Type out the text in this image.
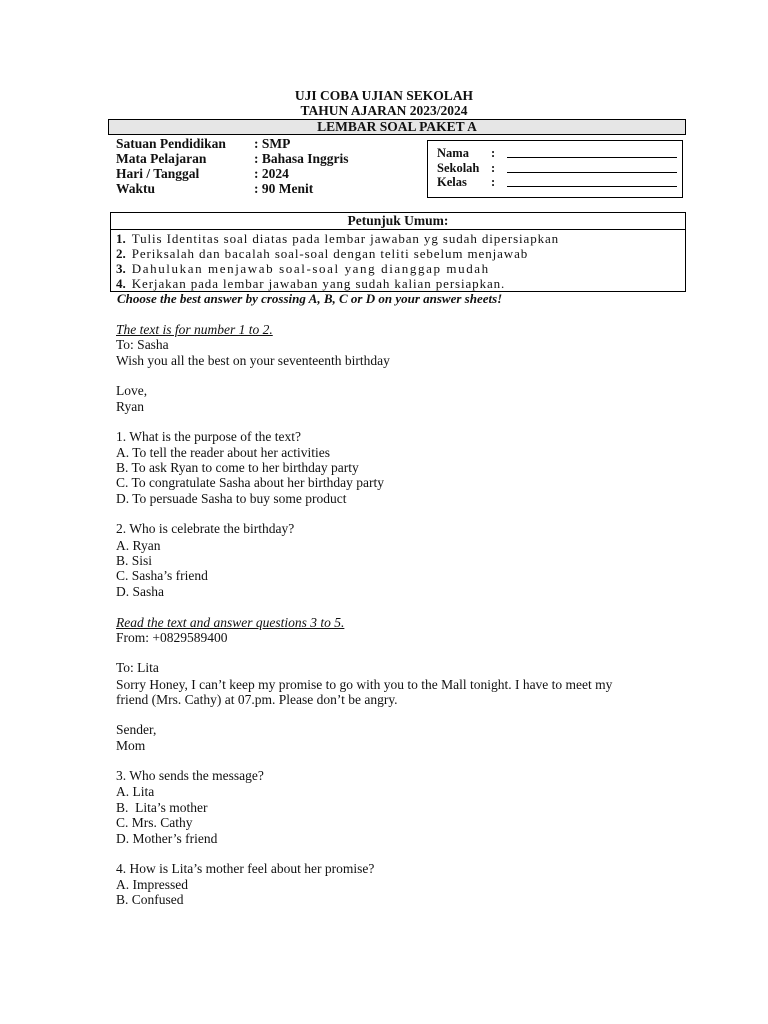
UJI COBA UJIAN SEKOLAH
TAHUN AJARAN 2023/2024
LEMBAR SOAL PAKET A
Satuan Pendidikan : SMP
Mata Pelajaran	: Bahasa Inggris
Hari / Tanggal	: 2024
Waktu	: 90 Menit
Nama :
Sekolah :
Kelas :
Petunjuk Umum:
1. Tulis Identitas soal diatas pada lembar jawaban yg sudah dipersiapkan
2. Periksalah dan bacalah soal-soal dengan teliti sebelum menjawab
3. Dahulukan menjawab soal-soal yang dianggap mudah
4. Kerjakan pada lembar jawaban yang sudah kalian persiapkan.
Choose the best answer by crossing A, B, C or D on your answer sheets!
The text is for number 1 to 2.
To: Sasha
Wish you all the best on your seventeenth birthday
Love,
Ryan
1. What is the purpose of the text?
A. To tell the reader about her activities
B. To ask Ryan to come to her birthday party
C. To congratulate Sasha about her birthday party
D. To persuade Sasha to buy some product
2. Who is celebrate the birthday?
A. Ryan
B. Sisi
C. Sasha’s friend
D. Sasha
Read the text and answer questions 3 to 5.
From: +0829589400
To: Lita
Sorry Honey, I can’t keep my promise to go with you to the Mall tonight. I have to meet my
friend (Mrs. Cathy) at 07.pm. Please don’t be angry.
Sender,
Mom
3. Who sends the message?
A. Lita
B.  Lita’s mother
C. Mrs. Cathy
D. Mother’s friend
4. How is Lita’s mother feel about her promise?
A. Impressed
B. Confused
